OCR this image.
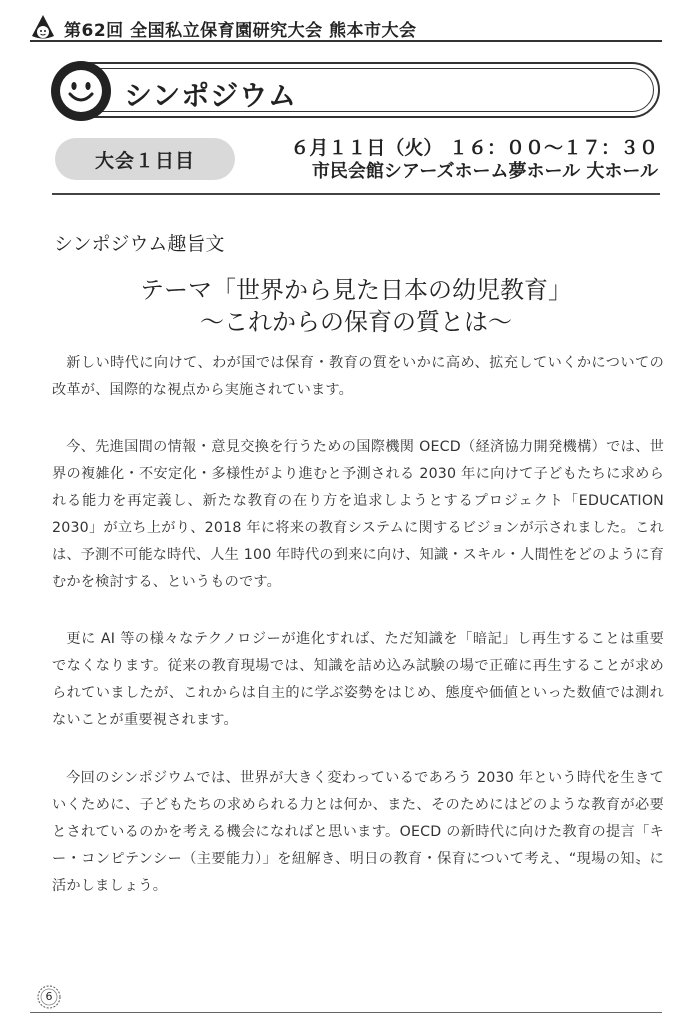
第62回 全国私立保育園研究大会 熊本市大会
シンポジウム
大会１日目
６月１１日（火） １６：００～１７：３０
市民会館シアーズホーム夢ホール 大ホール
シンポジウム趣旨文
テーマ「世界から見た日本の幼児教育」
〜これからの保育の質とは〜

新しい時代に向けて、わが国では保育・教育の質をいかに高め、拡充していくかについての改革が、国際的な視点から実施されています。

今、先進国間の情報・意見交換を行うための国際機関 OECD（経済協力開発機構）では、世界の複雑化・不安定化・多様性がより進むと予測される 2030 年に向けて子どもたちに求められる能力を再定義し、新たな教育の在り方を追求しようとするプロジェクト「EDUCATION　2030」が立ち上がり、2018 年に将来の教育システムに関するビジョンが示されました。これは、予測不可能な時代、人生 100 年時代の到来に向け、知識・スキル・人間性をどのように育むかを検討する、というものです。

更に AI 等の様々なテクノロジーが進化すれば、ただ知識を「暗記」し再生することは重要でなくなります。従来の教育現場では、知識を詰め込み試験の場で正確に再生することが求められていましたが、これからは自主的に学ぶ姿勢をはじめ、態度や価値といった数値では測れないことが重要視されます。

今回のシンポジウムでは、世界が大きく変わっているであろう 2030 年という時代を生きていくために、子どもたちの求められる力とは何か、また、そのためにはどのような教育が必要とされているのかを考える機会になればと思います。OECD の新時代に向けた教育の提言「キー・コンピテンシー（主要能力）」を紐解き、明日の教育・保育について考え、“現場の知〟に活かしましょう。

6
